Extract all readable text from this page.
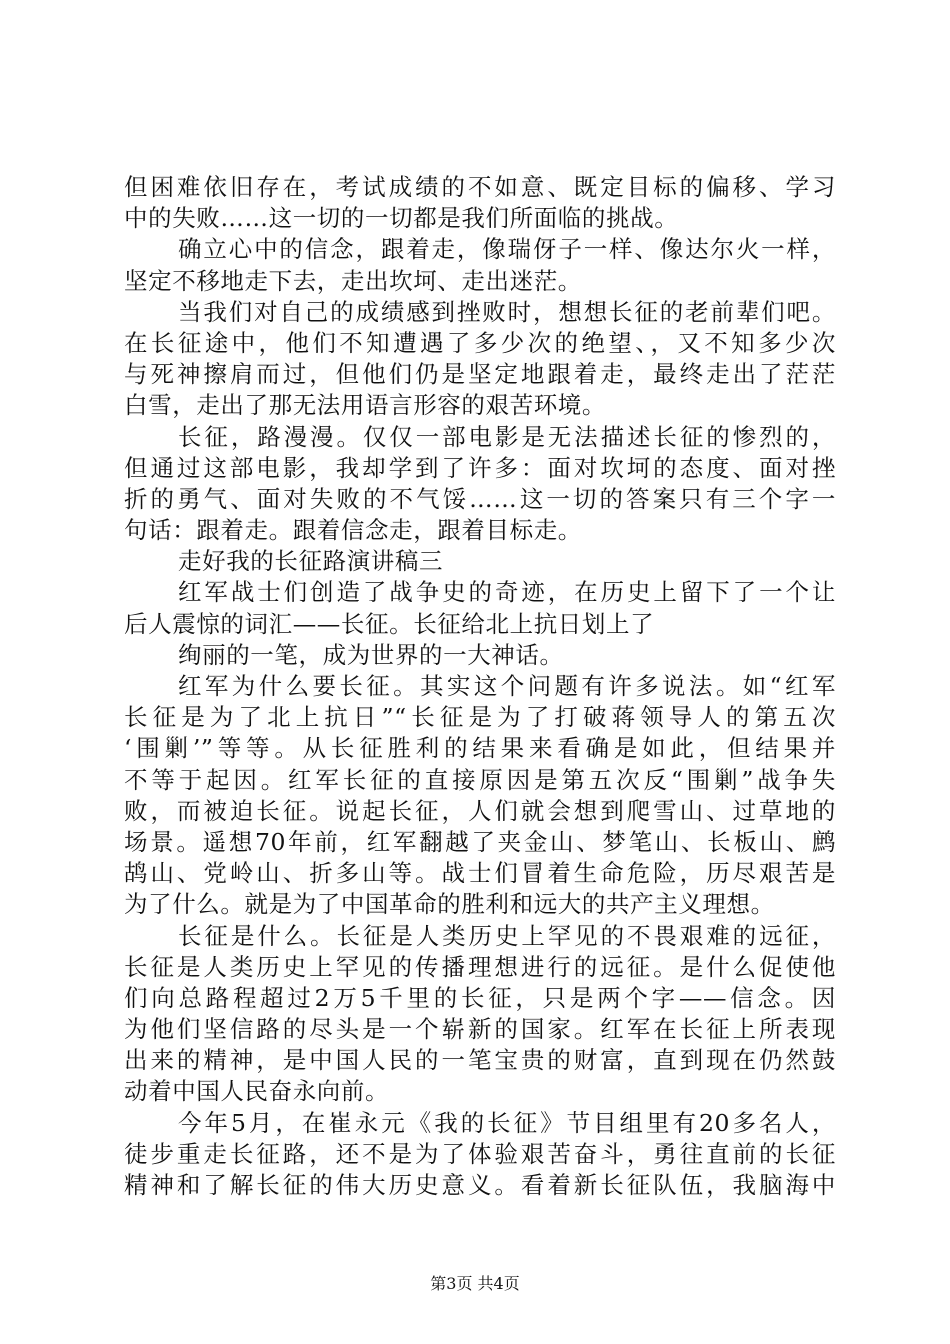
但困难依旧存在，考试成绩的不如意、既定目标的偏移、学习
中的失败……这一切的一切都是我们所面临的挑战。
确立心中的信念，跟着走，像瑞伢子一样、像达尔火一样，
坚定不移地走下去，走出坎坷、走出迷茫。
当我们对自己的成绩感到挫败时，想想长征的老前辈们吧。
在长征途中，他们不知遭遇了多少次的绝望、，又不知多少次
与死神擦肩而过，但他们仍是坚定地跟着走，最终走出了茫茫
白雪，走出了那无法用语言形容的艰苦环境。
长征，路漫漫。仅仅一部电影是无法描述长征的惨烈的，
但通过这部电影，我却学到了许多：面对坎坷的态度、面对挫
折的勇气、面对失败的不气馁……这一切的答案只有三个字一
句话：跟着走。跟着信念走，跟着目标走。
走好我的长征路演讲稿三
红军战士们创造了战争史的奇迹，在历史上留下了一个让
后人震惊的词汇——长征。长征给北上抗日划上了
绚丽的一笔，成为世界的一大神话。
红军为什么要长征。其实这个问题有许多说法。如“红军
长征是为了北上抗日”“长征是为了打破蒋领导人的第五次
‘围剿’”等等。从长征胜利的结果来看确是如此，但结果并
不等于起因。红军长征的直接原因是第五次反“围剿”战争失
败，而被迫长征。说起长征，人们就会想到爬雪山、过草地的
场景。遥想70年前，红军翻越了夹金山、梦笔山、长板山、鹧
鸪山、党岭山、折多山等。战士们冒着生命危险，历尽艰苦是
为了什么。就是为了中国革命的胜利和远大的共产主义理想。
长征是什么。长征是人类历史上罕见的不畏艰难的远征，
长征是人类历史上罕见的传播理想进行的远征。是什么促使他
们向总路程超过2万5千里的长征，只是两个字——信念。因
为他们坚信路的尽头是一个崭新的国家。红军在长征上所表现
出来的精神，是中国人民的一笔宝贵的财富，直到现在仍然鼓
动着中国人民奋永向前。
今年5月，在崔永元《我的长征》节目组里有20多名人，
徒步重走长征路，还不是为了体验艰苦奋斗，勇往直前的长征
精神和了解长征的伟大历史意义。看着新长征队伍，我脑海中
第3页 共4页
